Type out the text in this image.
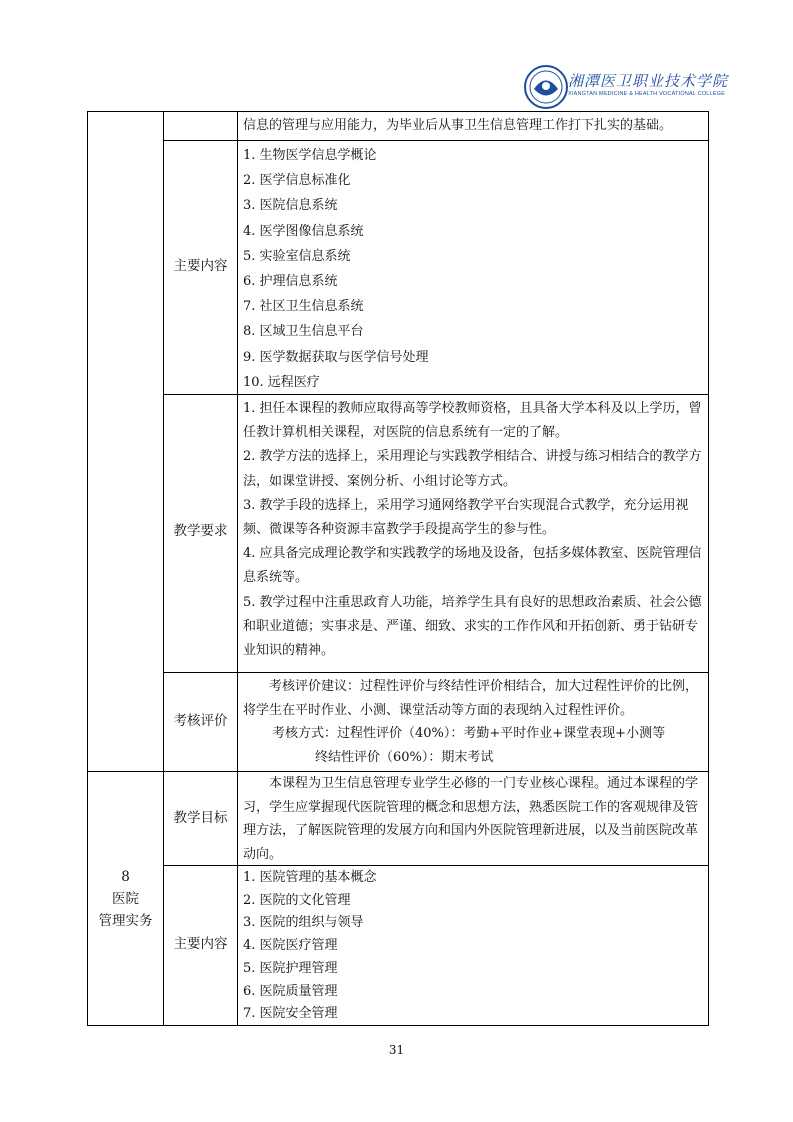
湘潭医卫职业技术学院
XIANGTAN MEDICINE & HEALTH VOCATIONAL COLLEGE
信息的管理与应用能力，为毕业后从事卫生信息管理工作打下扎实的基础。
主要内容
1. 生物医学信息学概论
2. 医学信息标准化
3. 医院信息系统
4. 医学图像信息系统
5. 实验室信息系统
6. 护理信息系统
7. 社区卫生信息系统
8. 区域卫生信息平台
9. 医学数据获取与医学信号处理
10. 远程医疗
教学要求
1. 担任本课程的教师应取得高等学校教师资格，且具备大学本科及以上学历，曾任教计算机相关课程，对医院的信息系统有一定的了解。
2. 教学方法的选择上，采用理论与实践教学相结合、讲授与练习相结合的教学方法，如课堂讲授、案例分析、小组讨论等方式。
3. 教学手段的选择上，采用学习通网络教学平台实现混合式教学，充分运用视频、微课等各种资源丰富教学手段提高学生的参与性。
4. 应具备完成理论教学和实践教学的场地及设备，包括多媒体教室、医院管理信息系统等。
5. 教学过程中注重思政育人功能，培养学生具有良好的思想政治素质、社会公德和职业道德；实事求是、严谨、细致、求实的工作作风和开拓创新、勇于钻研专业知识的精神。
考核评价
考核评价建议：过程性评价与终结性评价相结合，加大过程性评价的比例，将学生在平时作业、小测、课堂活动等方面的表现纳入过程性评价。
考核方式：过程性评价（40%）：考勤+平时作业+课堂表现+小测等
终结性评价（60%）：期末考试
8
医院
管理实务
教学目标
本课程为卫生信息管理专业学生必修的一门专业核心课程。通过本课程的学习，学生应掌握现代医院管理的概念和思想方法，熟悉医院工作的客观规律及管理方法，了解医院管理的发展方向和国内外医院管理新进展，以及当前医院改革动向。
主要内容
1. 医院管理的基本概念
2. 医院的文化管理
3. 医院的组织与领导
4. 医院医疗管理
5. 医院护理管理
6. 医院质量管理
7. 医院安全管理
31
